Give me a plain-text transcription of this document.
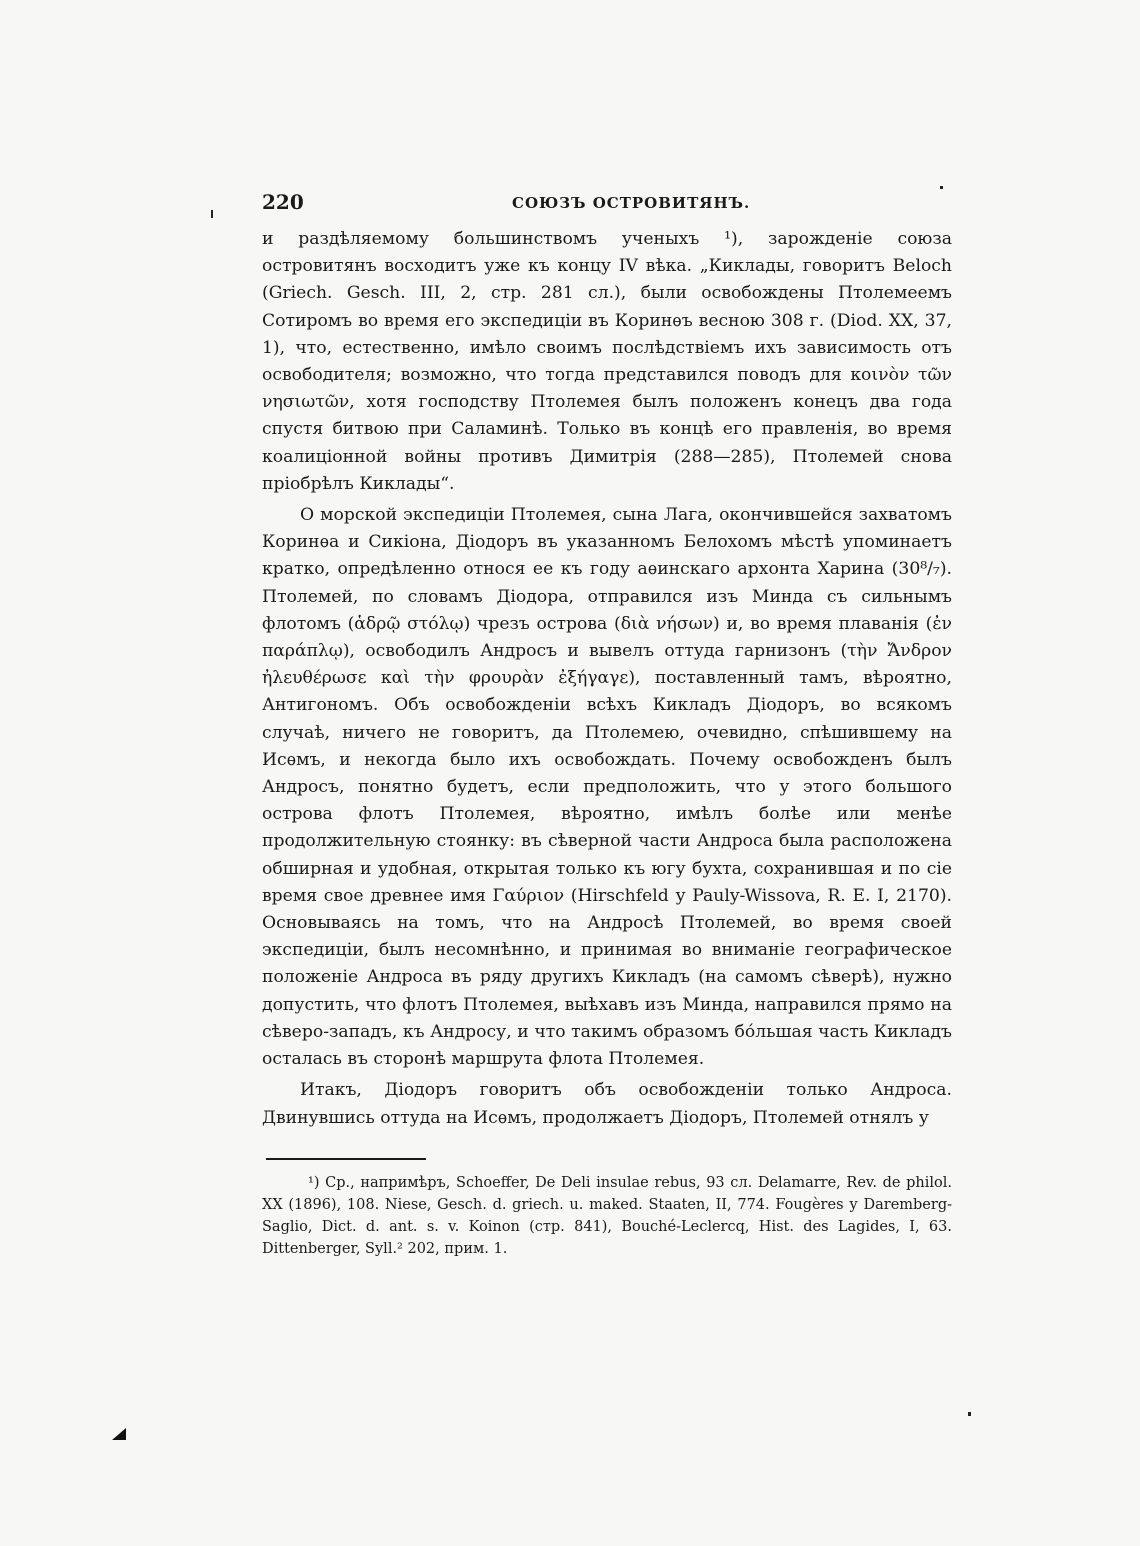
220	СОЮЗЪ ОСТРОВИТЯНЪ.

и раздѣляемому большинствомъ ученыхъ ¹), зарожденіе союза островитянъ восходитъ уже къ концу IV вѣка. „Киклады, говоритъ Beloch (Griech. Gesch. III, 2, стр. 281 сл.), были освобождены Птолемеемъ Сотиромъ во время его экспедиціи въ Коринѳъ весною 308 г. (Diod. XX, 37, 1), что, естественно, имѣло своимъ послѣдствіемъ ихъ зависимость отъ освободителя; возможно, что тогда представился поводъ для κοινὸν τῶν νησιωτῶν, хотя господству Птолемея былъ положенъ конецъ два года спустя битвою при Саламинѣ. Только въ концѣ его правленія, во время коалиціонной войны противъ Димитрія (288—285), Птолемей снова пріобрѣлъ Киклады“.

О морской экспедиціи Птолемея, сына Лага, окончившейся захватомъ Коринѳа и Сикіона, Діодоръ въ указанномъ Белохомъ мѣстѣ упоминаетъ кратко, опредѣленно относя ее къ году аѳинскаго архонта Харина (30⁸/₇). Птолемей, по словамъ Діодора, отправился изъ Минда съ сильнымъ флотомъ (ἁδρῷ στόλῳ) чрезъ острова (διὰ νήσων) и, во время плаванія (ἐν παράπλῳ), освободилъ Андросъ и вывелъ оттуда гарнизонъ (τὴν Ἄνδρον ἠλευθέρωσε καὶ τὴν φρουρὰν ἐξήγαγε), поставленный тамъ, вѣроятно, Антигономъ. Объ освобожденіи всѣхъ Кикладъ Діодоръ, во всякомъ случаѣ, ничего не говоритъ, да Птолемею, очевидно, спѣшившему на Исѳмъ, и некогда было ихъ освобождать. Почему освобожденъ былъ Андросъ, понятно будетъ, если предположить, что у этого большого острова флотъ Птолемея, вѣроятно, имѣлъ болѣе или менѣе продолжительную стоянку: въ сѣверной части Андроса была расположена обширная и удобная, открытая только къ югу бухта, сохранившая и по сіе время свое древнее имя Γαύριον (Hirschfeld у Pauly-Wissova, R. E. I, 2170). Основываясь на томъ, что на Андросѣ Птолемей, во время своей экспедиціи, былъ несомнѣнно, и принимая во вниманіе географическое положеніе Андроса въ ряду другихъ Кикладъ (на самомъ сѣверѣ), нужно допустить, что флотъ Птолемея, выѣхавъ изъ Минда, направился прямо на сѣверо-западъ, къ Андросу, и что такимъ образомъ бо́льшая часть Кикладъ осталась въ сторонѣ маршрута флота Птолемея.

Итакъ, Діодоръ говоритъ объ освобожденіи только Андроса. Двинувшись оттуда на Исѳмъ, продолжаетъ Діодоръ, Птолемей отнялъ у

¹) Ср., напримѣръ, Schoeffer, De Deli insulae rebus, 93 сл. Delamarre, Rev. de philol. XX (1896), 108. Niese, Gesch. d. griech. u. maked. Staaten, II, 774. Fougères у Daremberg-Saglio, Dict. d. ant. s. v. Koinon (стр. 841), Bouché-Leclercq, Hist. des Lagides, I, 63. Dittenberger, Syll.² 202, прим. 1.
